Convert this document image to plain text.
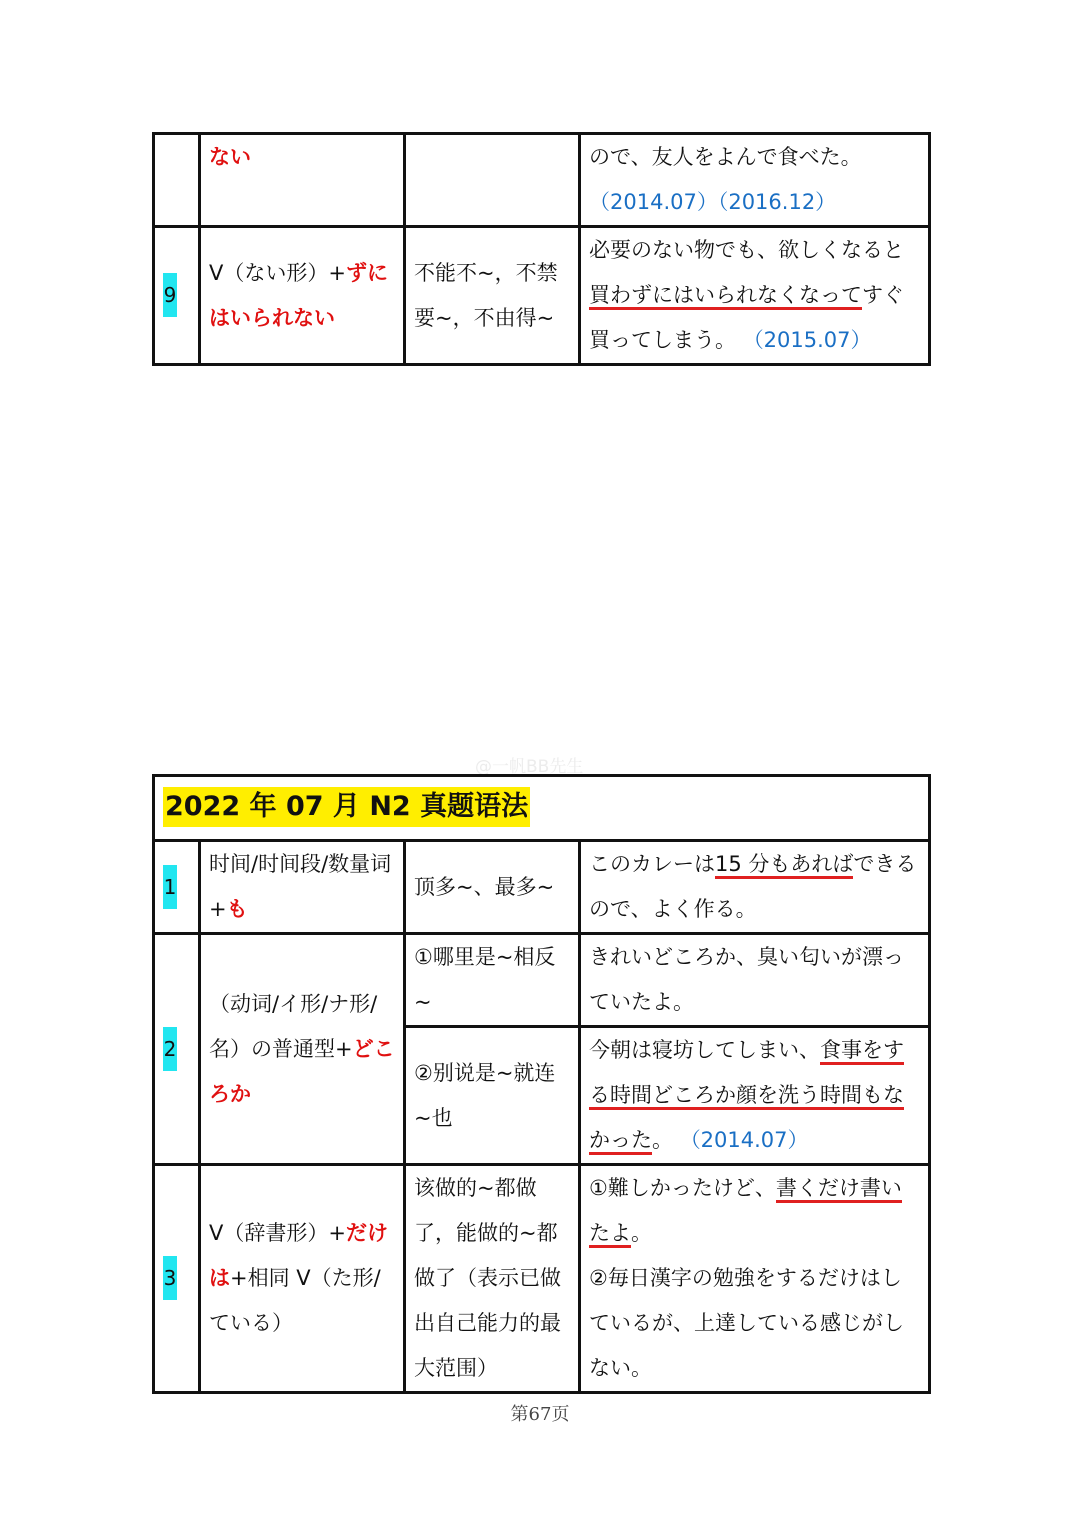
	ない		ので、友人をよんで食べた。
（2014.07）（2016.12）
9	V（ない形）+ずにはいられない	不能不~，不禁要~，不由得~	必要のない物でも、欲しくなると買わずにはいられなくなってすぐ買ってしまう。 （2015.07）
@一帆BB先生
2022 年 07 月 N2 真题语法			
1	时间/时间段/数量词+も	顶多~、最多~	このカレーは15 分もあればできるので、よく作る。
2	（动词/イ形/ナ形/名）の普通型+どころか	①哪里是~相反~	きれいどころか、臭い匂いが漂っていたよ。
		②别说是~就连~也	今朝は寝坊してしまい、食事をする時間どころか顔を洗う時間もなかった。 （2014.07）
3	V（辞書形）+だけは+相同 V（た形/ている）	该做的~都做了，能做的~都做了（表示已做出自己能力的最大范围）	①難しかったけど、書くだけ書いたよ。
②毎日漢字の勉強をするだけはしているが、上達している感じがしない。
第67页
